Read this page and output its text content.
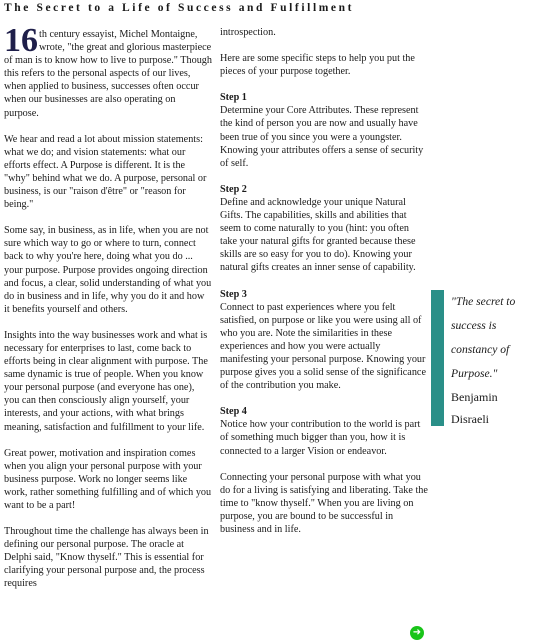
The Secret to a Life of Success and Fulfillment

16 th century essayist, Michel Montaigne, wrote, "the great and glorious masterpiece of man is to know how to live to purpose." Though this refers to the personal aspects of our lives, when applied to business, successes often occur when our businesses are also operating on purpose.

We hear and read a lot about mission statements: what we do; and vision statements: what our efforts effect. A Purpose is different. It is the "why" behind what we do. A purpose, personal or business, is our "raison d'être" or "reason for being."

Some say, in business, as in life, when you are not sure which way to go or where to turn, connect back to why you're here, doing what you do ... your purpose. Purpose provides ongoing direction and focus, a clear, solid understanding of what you do in business and in life, why you do it and how it benefits yourself and others.

Insights into the way businesses work and what is necessary for enterprises to last, come back to efforts being in clear alignment with purpose. The same dynamic is true of people. When you know your personal purpose (and everyone has one), you can then consciously align yourself, your interests, and your actions, with what brings meaning, satisfaction and fulfillment to your life.

Great power, motivation and inspiration comes when you align your personal purpose with your business purpose. Work no longer seems like work, rather something fulfilling and of which you want to be a part!

Throughout time the challenge has always been in defining our personal purpose. The oracle at Delphi said, "Know thyself." This is essential for clarifying your personal purpose and, the process requires

introspection.

Here are some specific steps to help you put the pieces of your purpose together.

Step 1

Determine your Core Attributes. These represent the kind of person you are now and usually have been true of you since you were a youngster. Knowing your attributes offers a sense of security of self.

Step 2

Define and acknowledge your unique Natural Gifts. The capabilities, skills and abilities that seem to come naturally to you (hint: you often take your natural gifts for granted because these skills are so easy for you to do). Knowing your natural gifts creates an inner sense of capability.

Step 3

Connect to past experiences where you felt satisfied, on purpose or like you were using all of who you are. Note the similarities in these experiences and how you were actually manifesting your personal purpose. Knowing your purpose gives you a solid sense of the significance of the contribution you make.

Step 4

Notice how your contribution to the world is part of something much bigger than you, how it is connected to a larger Vision or endeavor.

Connecting your personal purpose with what you do for a living is satisfying and liberating. Take the time to "know thyself." When you are living on purpose, you are bound to be successful in business and in life.

"The secret to success is constancy of Purpose."

Benjamin

Disraeli

➜
